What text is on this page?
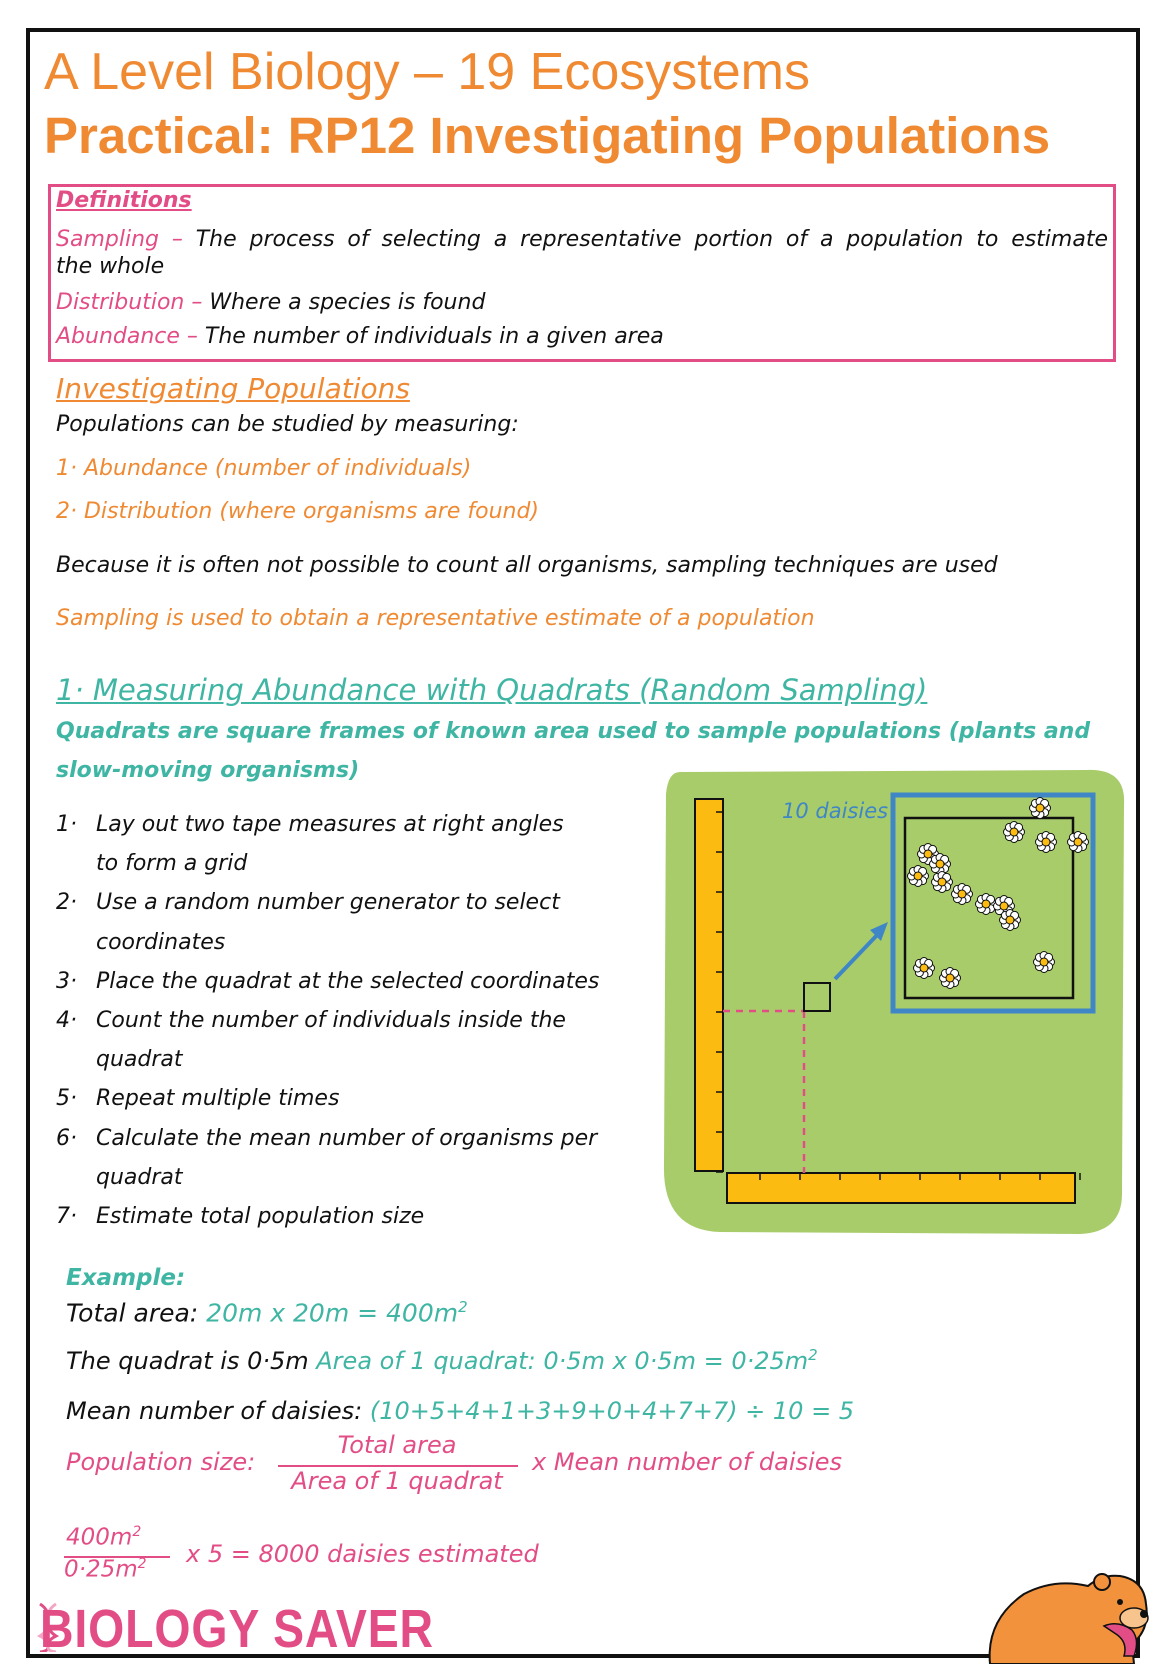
A Level Biology – 19 Ecosystems
Practical: RP12 Investigating Populations
Definitions
Sampling – The process of selecting a representative portion of a population to estimate
the whole
Distribution – Where a species is found
Abundance – The number of individuals in a given area
Investigating Populations
Populations can be studied by measuring:
1· Abundance (number of individuals)
2· Distribution (where organisms are found)
Because it is often not possible to count all organisms, sampling techniques are used
Sampling is used to obtain a representative estimate of a population
1· Measuring Abundance with Quadrats (Random Sampling)
Quadrats are square frames of known area used to sample populations (plants and
slow-moving organisms)
1· Lay out two tape measures at right angles
to form a grid
2· Use a random number generator to select
coordinates
3· Place the quadrat at the selected coordinates
4· Count the number of individuals inside the
quadrat
5· Repeat multiple times
6· Calculate the mean number of organisms per
quadrat
7· Estimate total population size
10 daisies
Example:
Total area: 20m x $20m = 400m^2$
The quadrat is 0·5m Area of 1 quadrat: 0·5m x $0\cdot 5m = 0\cdot 25m^2$
Mean number of daisies: (10+5+4+1+3+9+0+4+7+7) ÷ 10 = 5
Population size:
Total area
Area of 1 quadrat
x Mean number of daisies
$400m^2$
$0\cdot 25m^2$ x 5 = 8000 daisies estimated
BIOLOGY SAVER
